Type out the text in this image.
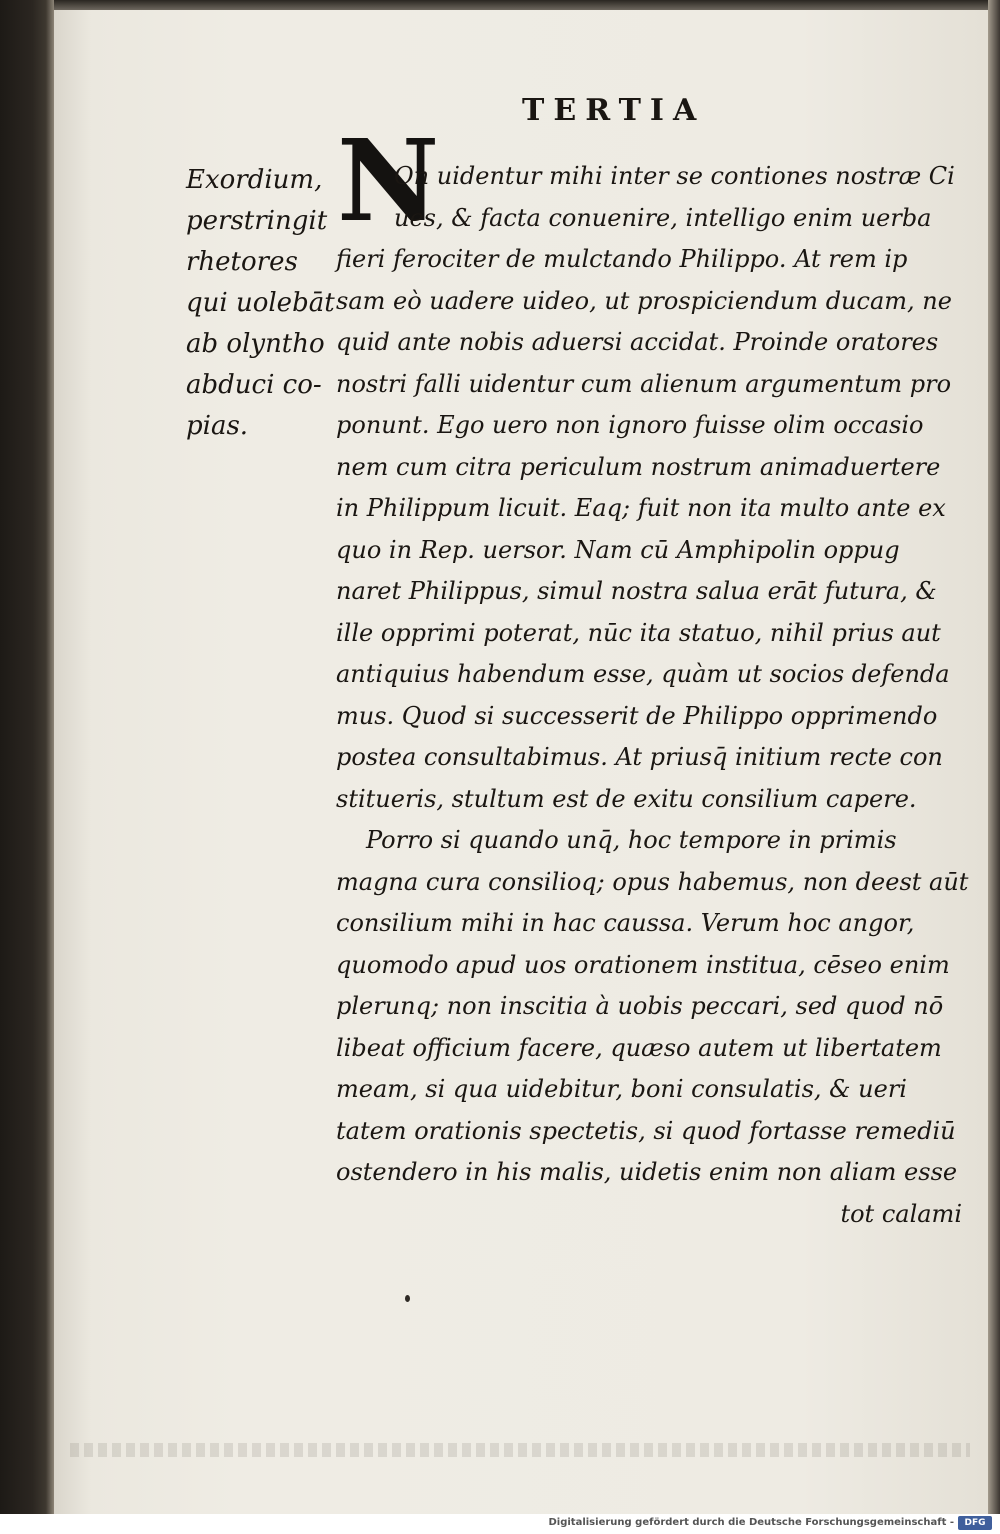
TERTIA
Exordium,
perstringit
rhetores
qui uolebāt
ab olyntho
abduci co-
pias.
N
On uidentur mihi inter se contiones nostræ Ci
ues, & facta conuenire, intelligo enim uerba
fieri ferociter de mulctando Philippo. At rem ip
sam eò uadere uideo, ut prospiciendum ducam, ne
quid ante nobis aduersi accidat. Proinde oratores
nostri falli uidentur cum alienum argumentum pro
ponunt. Ego uero non ignoro fuisse olim occasio
nem cum citra periculum nostrum animaduertere
in Philippum licuit. Eaq; fuit non ita multo ante ex
quo in Rep. uersor. Nam cū Amphipolin oppug
naret Philippus, simul nostra salua erāt futura, &
ille opprimi poterat, nūc ita statuo, nihil prius aut
antiquius habendum esse, quàm ut socios defenda
mus. Quod si successerit de Philippo opprimendo
postea consultabimus. At priusq̄ initium recte con
stitueris, stultum est de exitu consilium capere.
Porro si quando unq̄, hoc tempore in primis
magna cura consilioq; opus habemus, non deest aūt
consilium mihi in hac caussa. Verum hoc angor,
quomodo apud uos orationem institua, cēseo enim
plerunq; non inscitia à uobis peccari, sed quod nō
libeat officium facere, quæso autem ut libertatem
meam, si qua uidebitur, boni consulatis, & ueri
tatem orationis spectetis, si quod fortasse remediū
ostendero in his malis, uidetis enim non aliam esse
tot calami
Digitalisierung gefördert durch die Deutsche Forschungsgemeinschaft -	DFG
